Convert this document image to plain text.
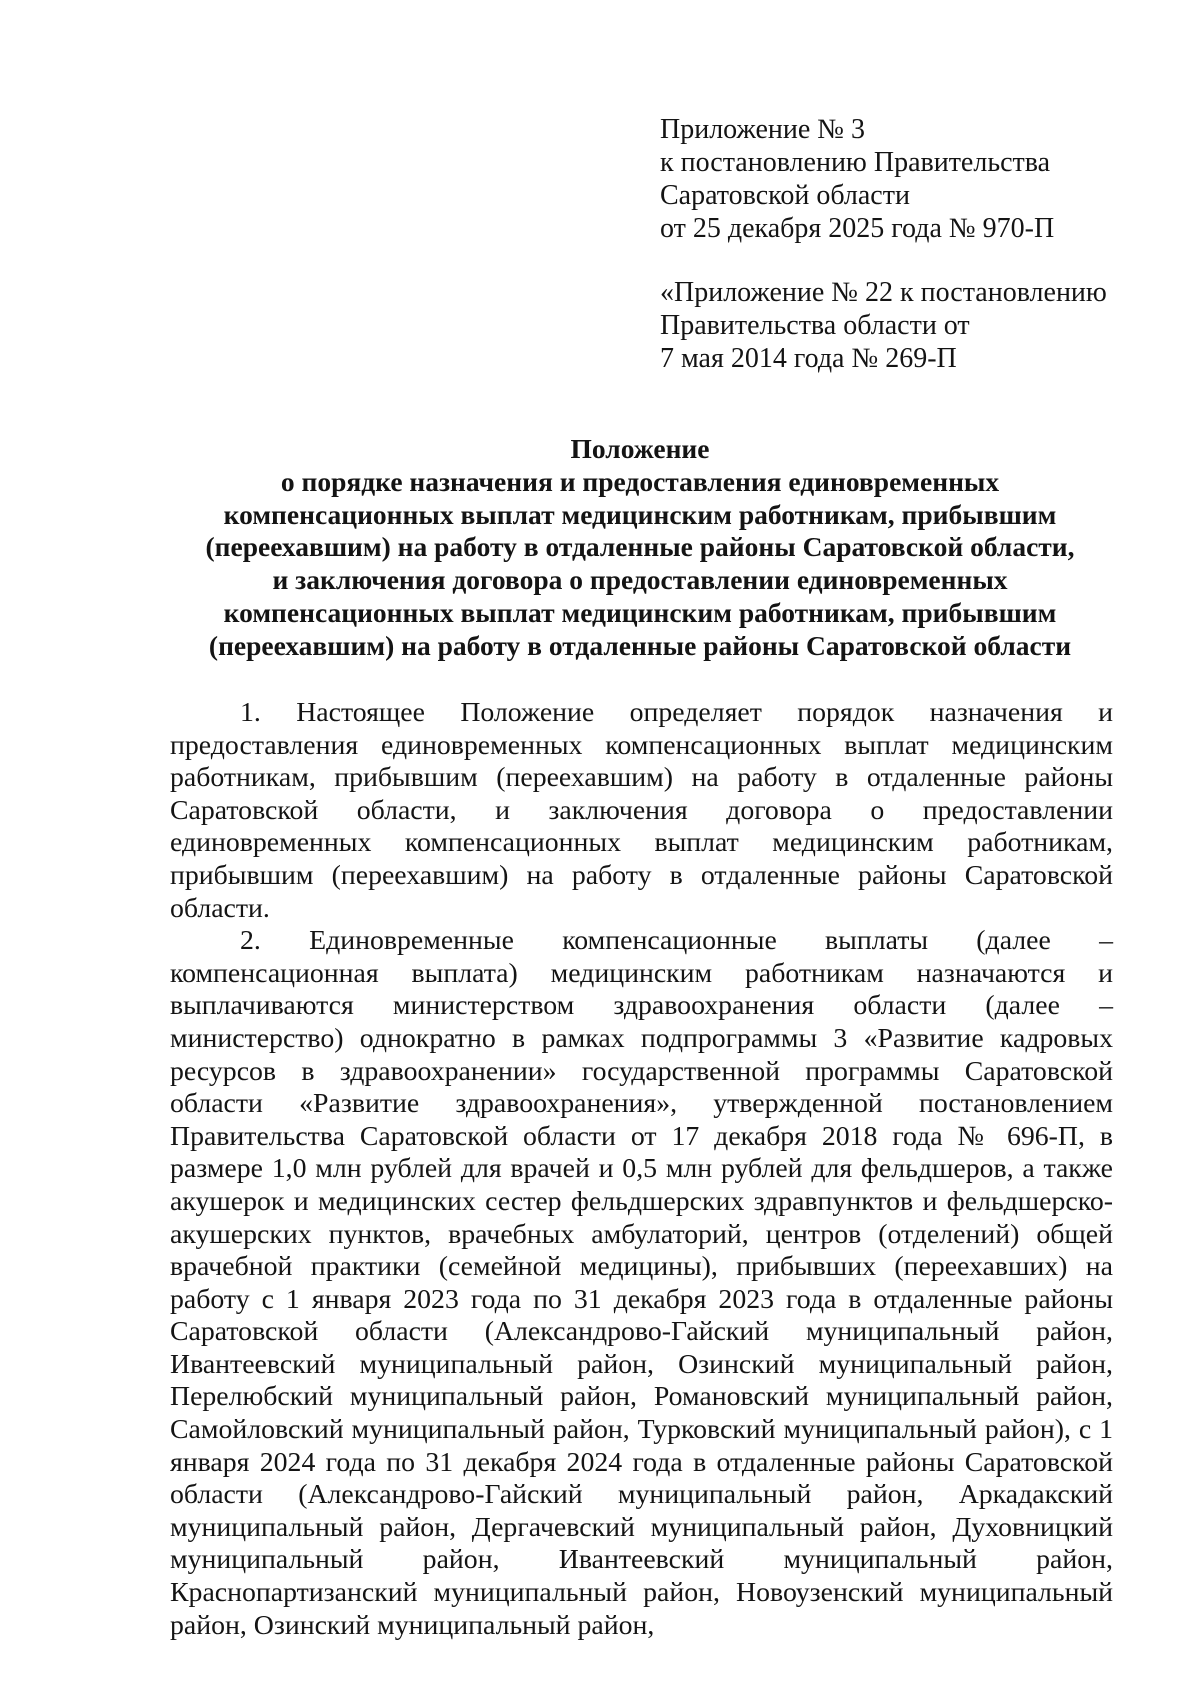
Приложение № 3
к постановлению Правительства
Саратовской области
от 25 декабря 2025 года № 970-П
«Приложение № 22 к постановлению
Правительства области от
7 мая 2014 года № 269-П
Положение
о порядке назначения и предоставления единовременных
компенсационных выплат медицинским работникам, прибывшим
(переехавшим) на работу в отдаленные районы Саратовской области,
и заключения договора о предоставлении единовременных
компенсационных выплат медицинским работникам, прибывшим
(переехавшим) на работу в отдаленные районы Саратовской области

1. Настоящее Положение определяет порядок назначения и предоставления единовременных компенсационных выплат медицинским работникам, прибывшим (переехавшим) на работу в отдаленные районы Саратовской области, и заключения договора о предоставлении единовременных компенсационных выплат медицинским работникам, прибывшим (переехавшим) на работу в отдаленные районы Саратовской области.

2. Единовременные компенсационные выплаты (далее – компенсационная выплата) медицинским работникам назначаются и выплачиваются министерством здравоохранения области (далее – министерство) однократно в рамках подпрограммы 3 «Развитие кадровых ресурсов в здравоохранении» государственной программы Саратовской области «Развитие здравоохранения», утвержденной постановлением Правительства Саратовской области от 17 декабря 2018 года № 696-П, в размере 1,0 млн рублей для врачей и 0,5 млн рублей для фельдшеров, а также акушерок и медицинских сестер фельдшерских здравпунктов и фельдшерско-акушерских пунктов, врачебных амбулаторий, центров (отделений) общей врачебной практики (семейной медицины), прибывших (переехавших) на работу с 1 января 2023 года по 31 декабря 2023 года в отдаленные районы Саратовской области (Александрово-Гайский муниципальный район, Ивантеевский муниципальный район, Озинский муниципальный район, Перелюбский муниципальный район, Романовский муниципальный район, Самойловский муниципальный район, Турковский муниципальный район), с 1 января 2024 года по 31 декабря 2024 года в отдаленные районы Саратовской области (Александрово-Гайский муниципальный район, Аркадакский муниципальный район, Дергачевский муниципальный район, Духовницкий муниципальный район, Ивантеевский муниципальный район, Краснопартизанский муниципальный район, Новоузенский муниципальный район, Озинский муниципальный район,
